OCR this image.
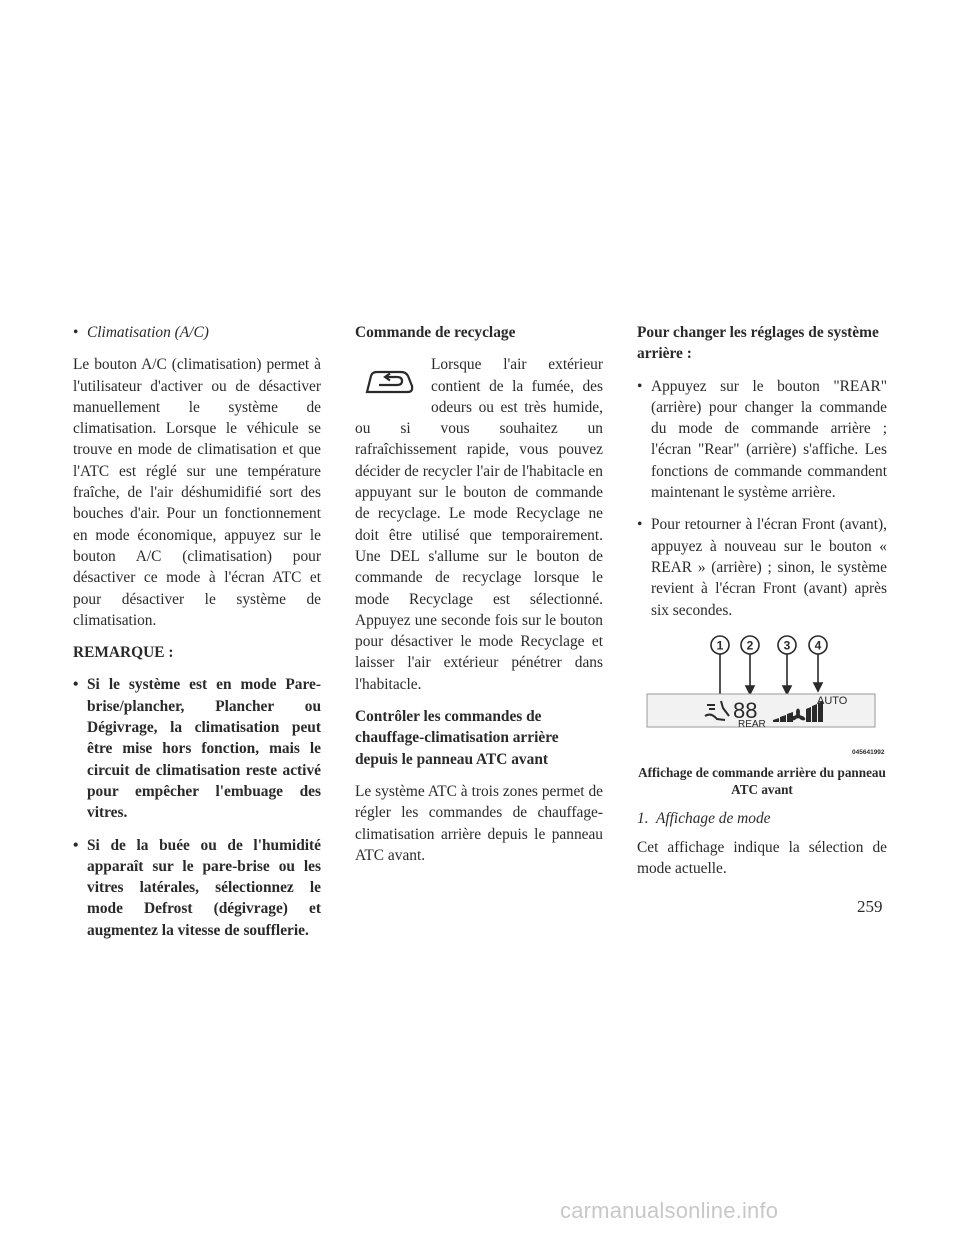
• Climatisation (A/C)

Le bouton A/C (climatisation) permet à l'utilisateur d'activer ou de désactiver manuellement le système de climatisation. Lorsque le véhicule se trouve en mode de climatisation et que l'ATC est réglé sur une température fraîche, de l'air déshumidifié sort des bouches d'air. Pour un fonctionnement en mode économique, appuyez sur le bouton A/C (climatisation) pour désactiver ce mode à l'écran ATC et pour désactiver le système de climatisation.

REMARQUE :

• Si le système est en mode Pare-brise/plancher, Plancher ou Dégivrage, la climatisation peut être mise hors fonction, mais le circuit de climatisation reste activé pour empêcher l'embuage des vitres.
• Si de la buée ou de l'humidité apparaît sur le pare-brise ou les vitres latérales, sélectionnez le mode Defrost (dégivrage) et augmentez la vitesse de soufflerie.

Commande de recyclage

Lorsque l'air extérieur contient de la fumée, des odeurs ou est très humide, ou si vous souhaitez un rafraîchissement rapide, vous pouvez décider de recycler l'air de l'habitacle en appuyant sur le bouton de commande de recyclage. Le mode Recyclage ne doit être utilisé que temporairement. Une DEL s'allume sur le bouton de commande de recyclage lorsque le mode Recyclage est sélectionné. Appuyez une seconde fois sur le bouton pour désactiver le mode Recyclage et laisser l'air extérieur pénétrer dans l'habitacle.

Contrôler les commandes de chauffage-climatisation arrière depuis le panneau ATC avant

Le système ATC à trois zones permet de régler les commandes de chauffage-climatisation arrière depuis le panneau ATC avant.

Pour changer les réglages de système arrière :

• Appuyez sur le bouton "REAR" (arrière) pour changer la commande du mode de commande arrière ; l'écran "Rear" (arrière) s'affiche. Les fonctions de commande commandent maintenant le système arrière.
• Pour retourner à l'écran Front (avant), appuyez à nouveau sur le bouton « REAR » (arrière) ; sinon, le système revient à l'écran Front (avant) après six secondes.
1 2	3 4
88
REAR
AUTO
045641992

Affichage de commande arrière du panneau ATC avant

1. Affichage de mode

Cet affichage indique la sélection de mode actuelle.

259
carmanualsonline.info
